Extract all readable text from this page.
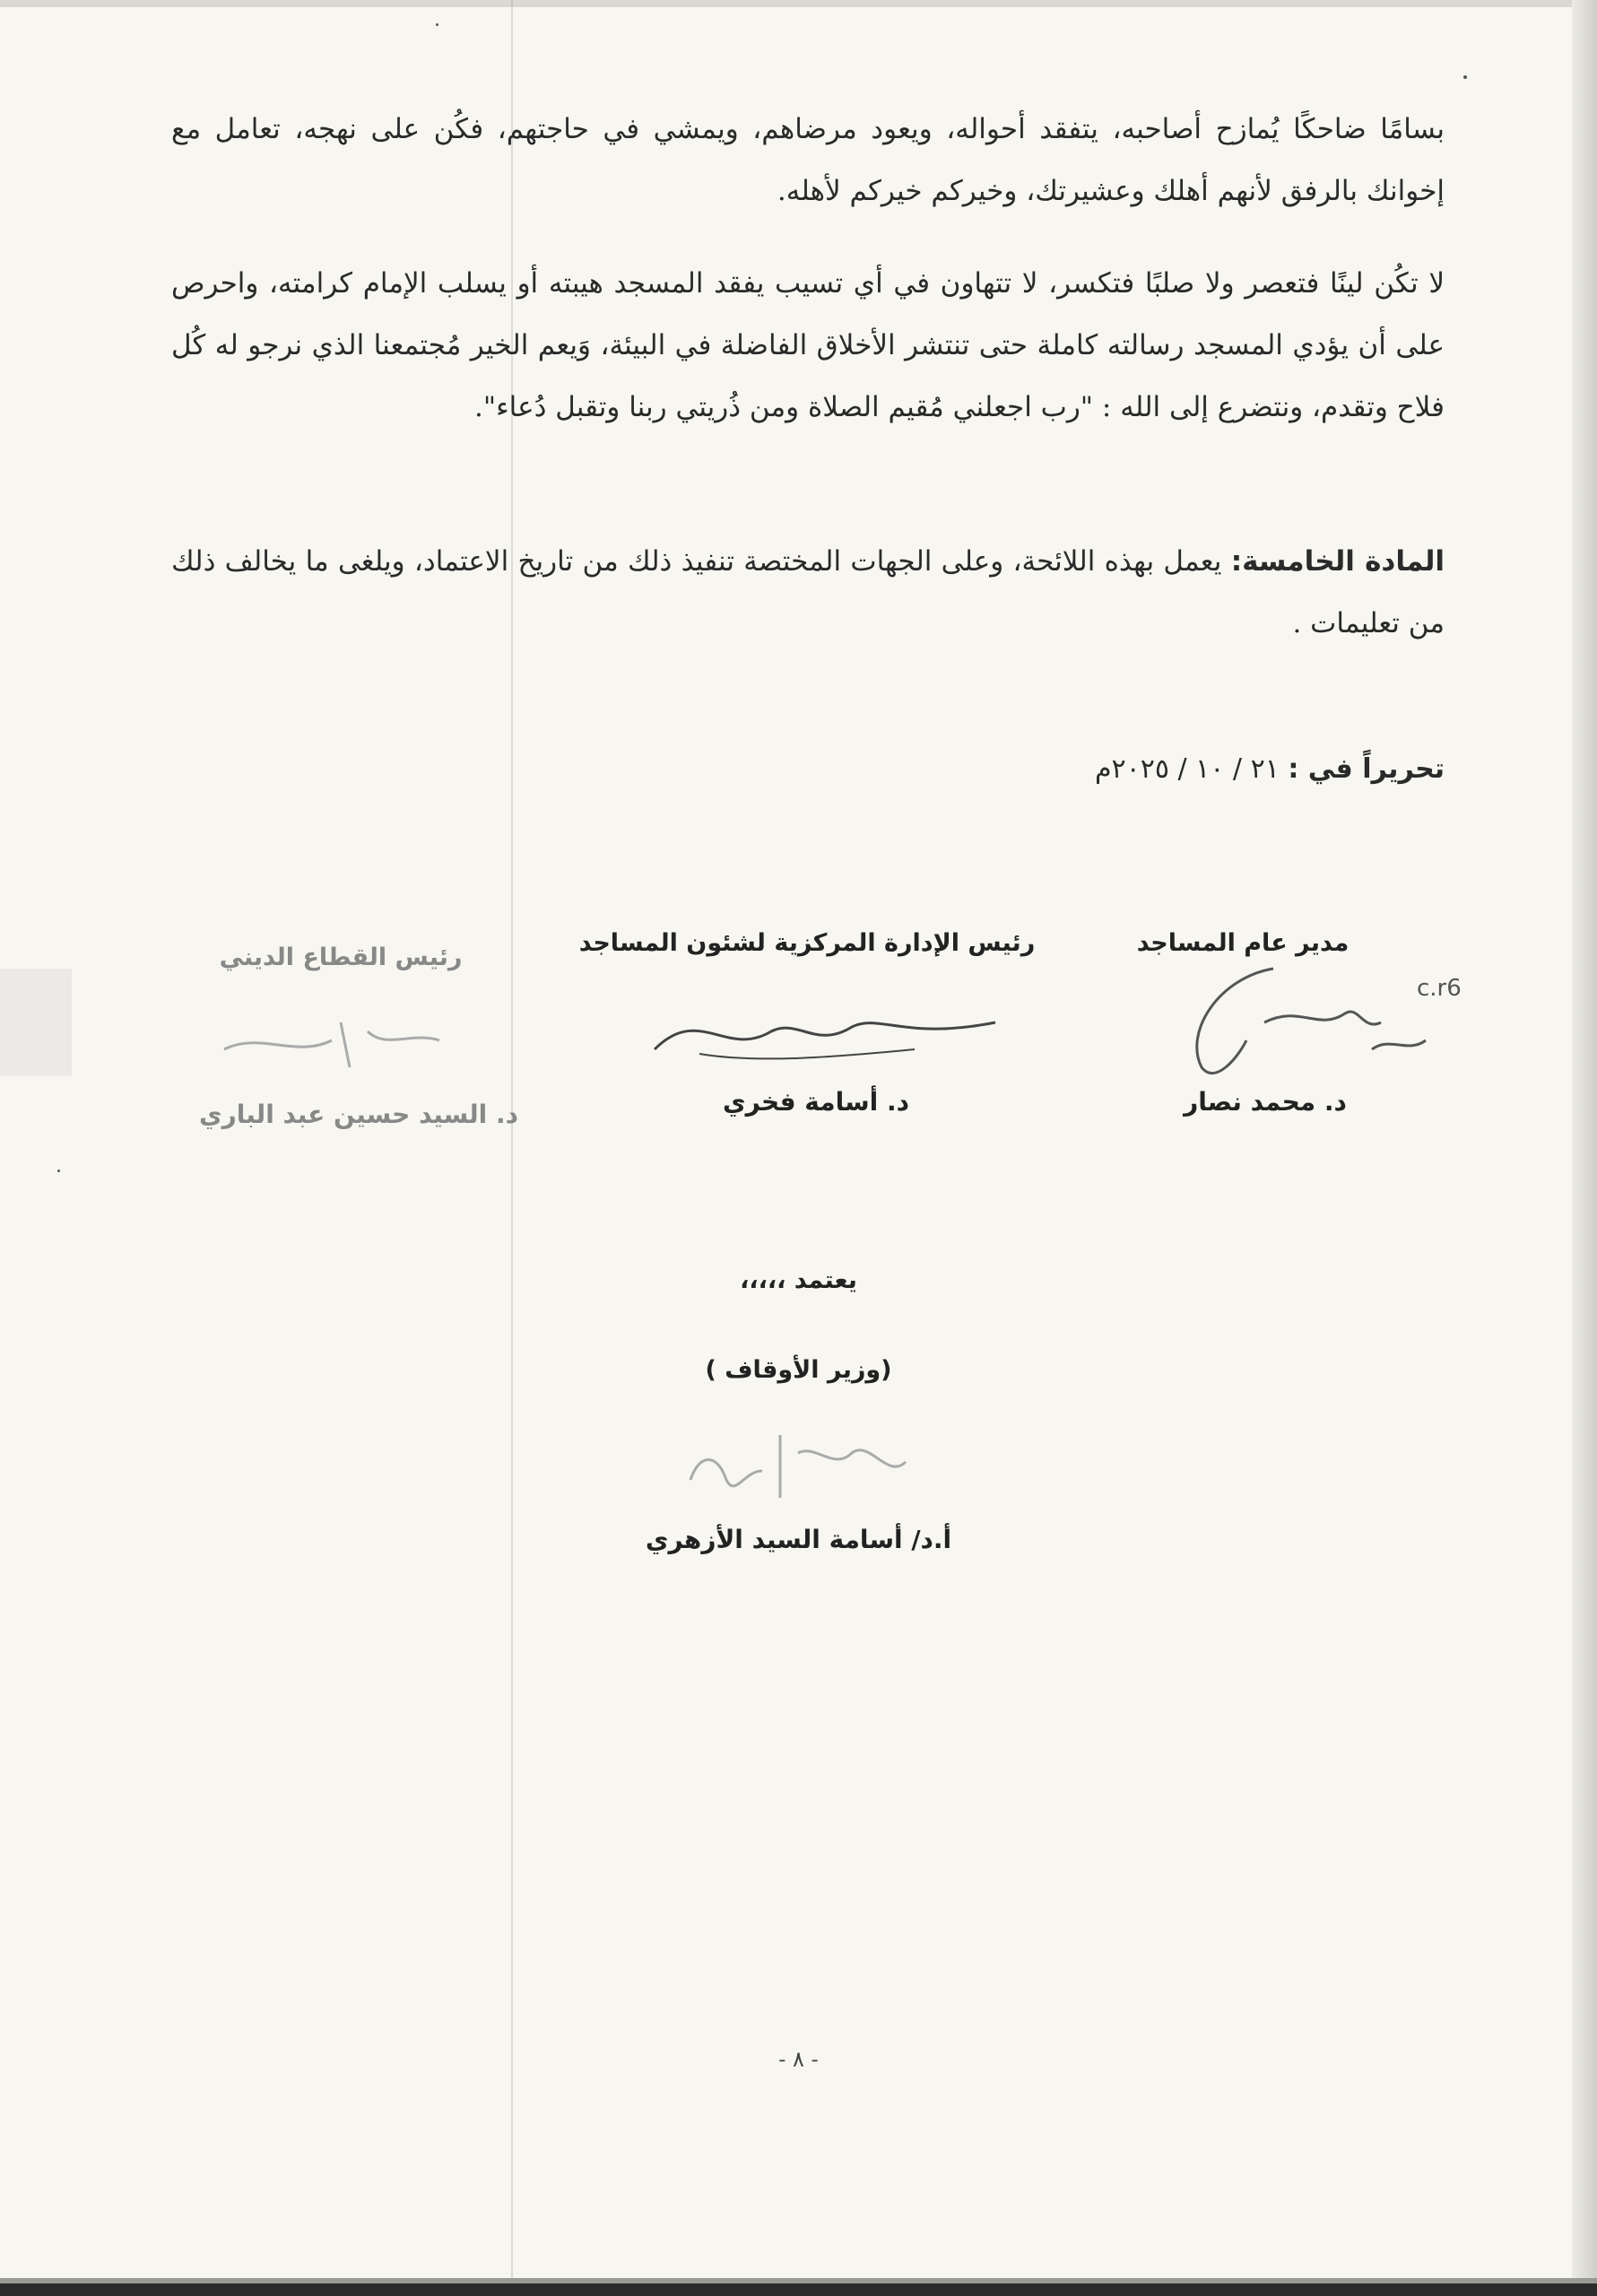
بسامًا ضاحكًا يُمازح أصاحبه، يتفقد أحواله، ويعود مرضاهم، ويمشي في حاجتهم، فكُن على نهجه، تعامل مع إخوانك بالرفق لأنهم أهلك وعشيرتك، وخيركم خيركم لأهله.

لا تكُن لينًا فتعصر ولا صلبًا فتكسر، لا تتهاون في أي تسيب يفقد المسجد هيبته أو يسلب الإمام كرامته، واحرص على أن يؤدي المسجد رسالته كاملة حتى تنتشر الأخلاق الفاضلة في البيئة، وَيعم الخير مُجتمعنا الذي نرجو له كُل فلاح وتقدم، ونتضرع إلى الله : "رب اجعلني مُقيم الصلاة ومن ذُريتي ربنا وتقبل دُعاء".

المادة الخامسة: يعمل بهذه اللائحة، وعلى الجهات المختصة تنفيذ ذلك من تاريخ الاعتماد، ويلغى ما يخالف ذلك من تعليمات .

تحريراً في : ٢١ / ١٠ / ٢٠٢٥م
مدير عام المساجد
c.r6
د. محمد نصار
رئيس الإدارة المركزية لشئون المساجد
د. أسامة فخري
رئيس القطاع الديني
د. السيد حسين عبد الباري
يعتمد ،،،،،
(وزير الأوقاف )
أ.د/ أسامة السيد الأزهري
- ٨ -
